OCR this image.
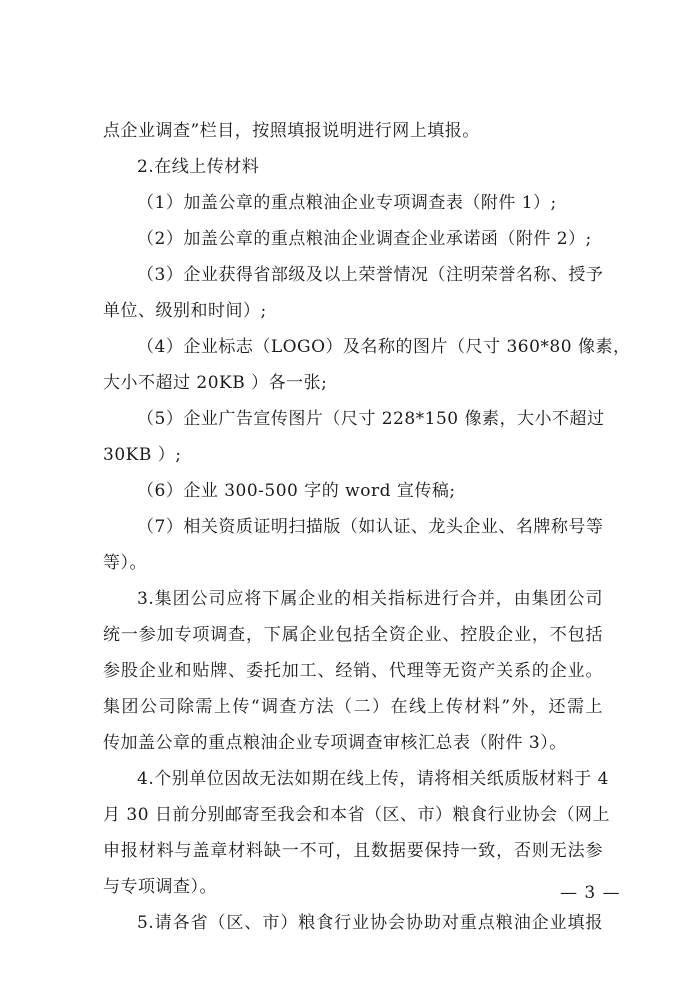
点企业调查”栏目，按照填报说明进行网上填报。
2.在线上传材料
（1）加盖公章的重点粮油企业专项调查表（附件 1）;
（2）加盖公章的重点粮油企业调查企业承诺函（附件 2）;
（3）企业获得省部级及以上荣誉情况（注明荣誉名称、授予
单位、级别和时间）;
（4）企业标志（LOGO）及名称的图片（尺寸 360*80 像素，
大小不超过 20KB ）各一张;
（5）企业广告宣传图片（尺寸 228*150 像素，大小不超过
30KB ）;
（6）企业 300-500 字的 word 宣传稿;
（7）相关资质证明扫描版（如认证、龙头企业、名牌称号等
等）。
3.集团公司应将下属企业的相关指标进行合并，由集团公司
统一参加专项调查，下属企业包括全资企业、控股企业，不包括
参股企业和贴牌、委托加工、经销、代理等无资产关系的企业。
集团公司除需上传“调查方法（二）在线上传材料”外，还需上
传加盖公章的重点粮油企业专项调查审核汇总表（附件 3）。
4.个别单位因故无法如期在线上传，请将相关纸质版材料于 4
月 30 日前分别邮寄至我会和本省（区、市）粮食行业协会（网上
申报材料与盖章材料缺一不可，且数据要保持一致，否则无法参
与专项调查）。
5.请各省（区、市）粮食行业协会协助对重点粮油企业填报
— 3 —
